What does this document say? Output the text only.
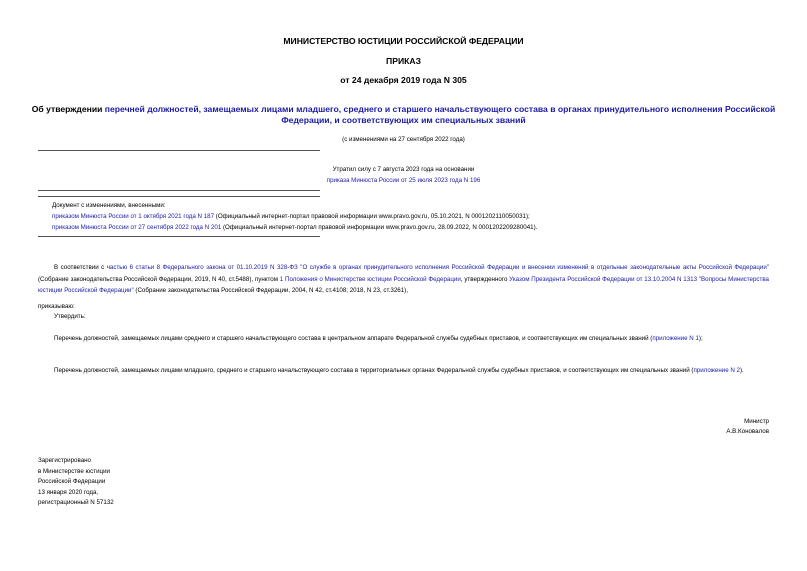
МИНИСТЕРСТВО ЮСТИЦИИ РОССИЙСКОЙ ФЕДЕРАЦИИ
ПРИКАЗ
от 24 декабря 2019 года N 305
Об утверждении перечней должностей, замещаемых лицами младшего, среднего и старшего начальствующего состава в органах принудительного исполнения Российской Федерации, и соответствующих им специальных званий
(с изменениями на 27 сентября 2022 года)
Утратил силу с 7 августа 2023 года на основании
приказа Минюста России от 25 июля 2023 года N 196
Документ с изменениями, внесенными:
приказом Минюста России от 1 октября 2021 года N 187 (Официальный интернет-портал правовой информации www.pravo.gov.ru, 05.10.2021, N 0001202110050031);
приказом Минюста России от 27 сентября 2022 года N 201 (Официальный интернет-портал правовой информации www.pravo.gov.ru, 28.09.2022, N 0001202209280041).
В соответствии с частью 6 статьи 8 Федерального закона от 01.10.2019 N 328-ФЗ "О службе в органах принудительного исполнения Российской Федерации и внесении изменений в отдельные законодательные акты Российской Федерации" (Собрание законодательства Российской Федерации, 2019, N 40, ст.5488), пунктом 1 Положения о Министерстве юстиции Российской Федерации, утвержденного Указом Президента Российской Федерации от 13.10.2004 N 1313 "Вопросы Министерства юстиции Российской Федерации" (Собрание законодательства Российской Федерации, 2004, N 42, ст.4108; 2018, N 23, ст.3261),
приказываю:
Утвердить:
Перечень должностей, замещаемых лицами среднего и старшего начальствующего состава в центральном аппарате Федеральной службы судебных приставов, и соответствующих им специальных званий (приложение N 1);
Перечень должностей, замещаемых лицами младшего, среднего и старшего начальствующего состава в территориальных органах Федеральной службы судебных приставов, и соответствующих им специальных званий (приложение N 2).
Министр
А.В.Коновалов
Зарегистрировано
в Министерстве юстиции
Российской Федерации
13 января 2020 года,
регистрационный N 57132
